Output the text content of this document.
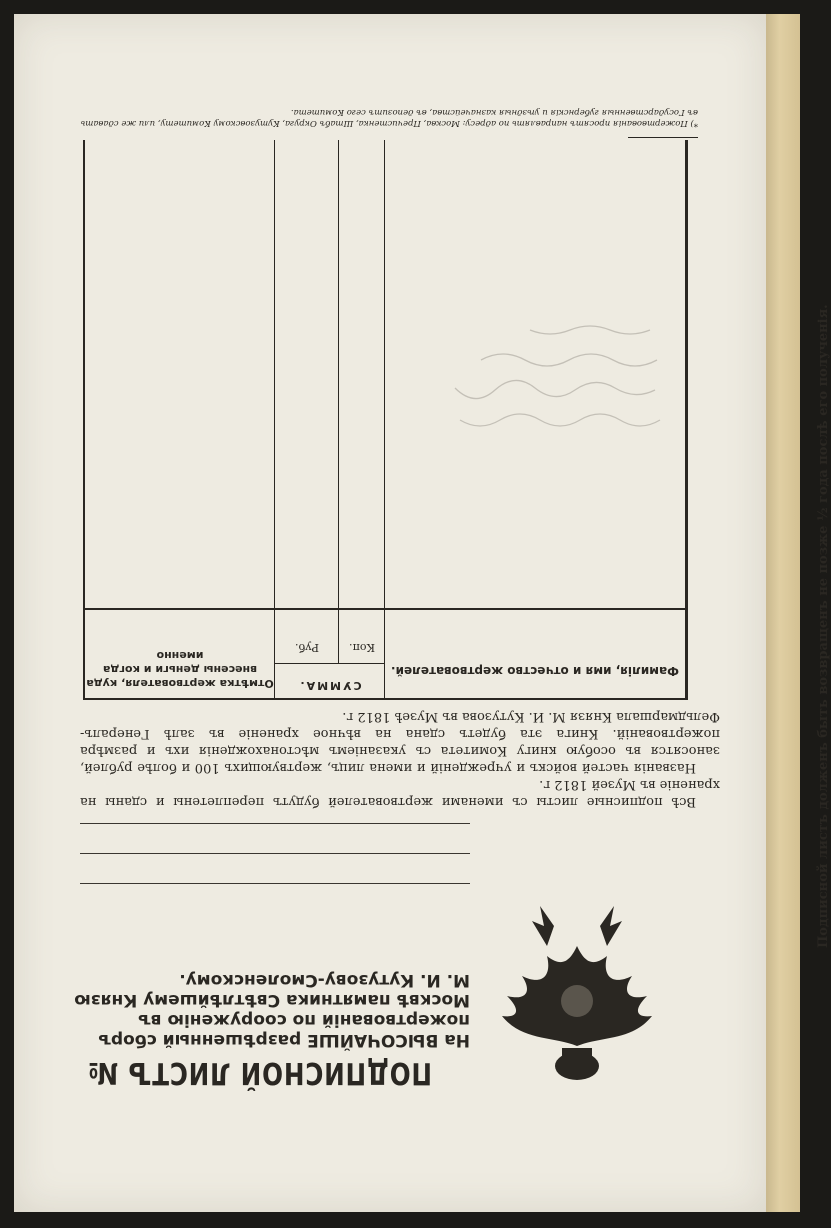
ПОДПИСНОЙ ЛИСТЪ №
На ВЫСОЧАЙШЕ разрѣшенный сборъ пожертвованій по сооруженію въ Москвѣ памятника Свѣтлѣйшему Князю М. И. Кутузову-Смоленскому.

Всѣ подписные листы съ именами жертвователей будутъ переплетены и сданы на храненіе въ Музей 1812 г.

Названія частей войскъ и учрежденій и имена лицъ, жертвующихъ 100 и болѣе рублей, заносятся въ особую книгу Комитета съ указаніемъ мѣстонахожденія ихъ и размѣра пожертвованій. Книга эта будетъ сдана на вѣчное храненіе въ залѣ Генералъ-Фельдмаршала Князя М. И. Кутузова въ Музеѣ 1812 г.

Фамилія, имя и отчество жертвователей.
СУММА.
Руб.	Коп.
Отмѣтка жертвователя, куда внесены деньги и когда именно	Подписной листъ долженъ быть возвращенъ не позже ½ года послѣ его полученія.
*) Пожертвованія просятъ направлять по адресу: Москва, Пречистенка, Штабъ Округа, Кутузовскому Комитету, или же сдавать въ Государственныя губернскія и уѣздныя казначейства, въ депозитъ сего Комитета.
